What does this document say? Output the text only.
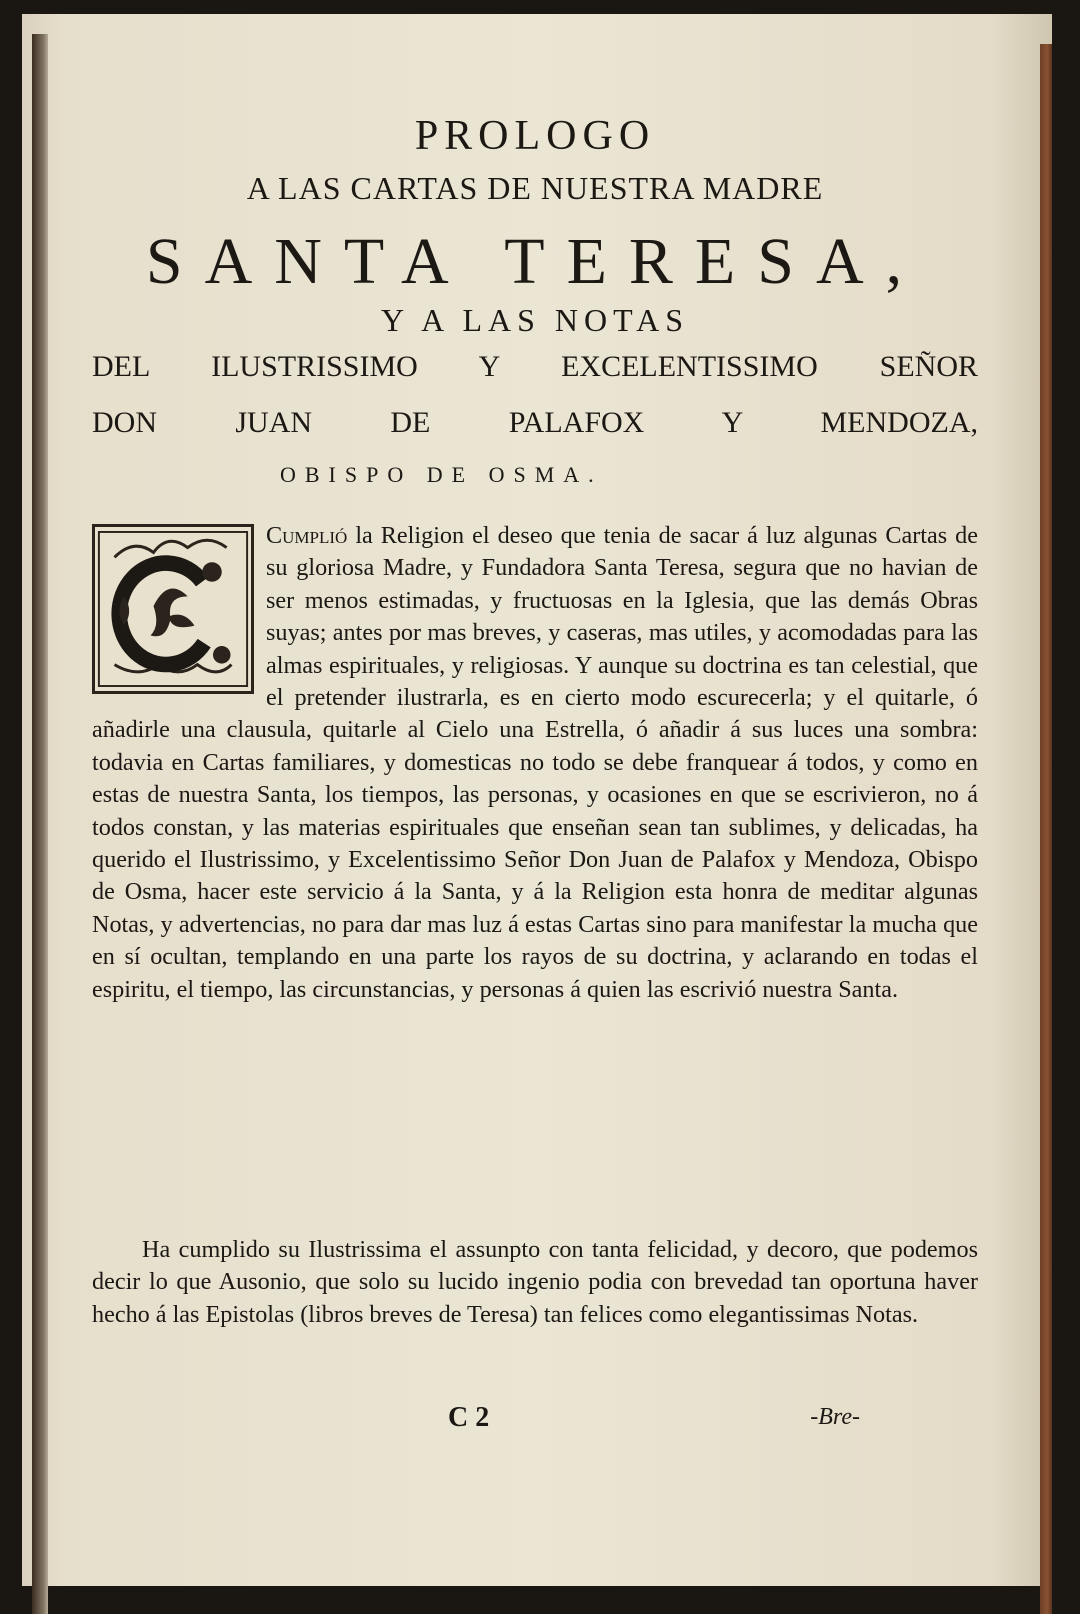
PROLOGO
A LAS CARTAS DE NUESTRA MADRE
SANTA TERESA,
Y A LAS NOTAS
DEL ILUSTRISSIMO Y EXCELENTISSIMO SEÑOR
DON JUAN DE PALAFOX Y MENDOZA,
OBISPO DE OSMA.

Cumplió la Religion el deseo que tenia de sacar á luz algunas Cartas de su gloriosa Madre, y Fundadora Santa Teresa, segura que no havian de ser menos estimadas, y fructuosas en la Iglesia, que las demás Obras suyas; antes por mas breves, y caseras, mas utiles, y acomodadas para las almas espirituales, y religiosas. Y aunque su doctrina es tan celestial, que el pretender ilustrarla, es en cierto modo escurecerla; y el quitarle, ó añadirle una clausula, quitarle al Cielo una Estrella, ó añadir á sus luces una sombra: todavia en Cartas familiares, y domesticas no todo se debe franquear á todos, y como en estas de nuestra Santa, los tiempos, las personas, y ocasiones en que se escrivieron, no á todos constan, y las materias espirituales que enseñan sean tan sublimes, y delicadas, ha querido el Ilustrissimo, y Excelentissimo Señor Don Juan de Palafox y Mendoza, Obispo de Osma, hacer este servicio á la Santa, y á la Religion esta honra de meditar algunas Notas, y advertencias, no para dar mas luz á estas Cartas sino para manifestar la mucha que en sí ocultan, templando en una parte los rayos de su doctrina, y aclarando en todas el espiritu, el tiempo, las circunstancias, y personas á quien las escrivió nuestra Santa.

Ha cumplido su Ilustrissima el assunpto con tanta felicidad, y decoro, que podemos decir lo que Ausonio, que solo su lucido ingenio podia con brevedad tan oportuna haver hecho á las Epistolas (libros breves de Teresa) tan felices como elegantissimas Notas.

C 2	-Bre-
